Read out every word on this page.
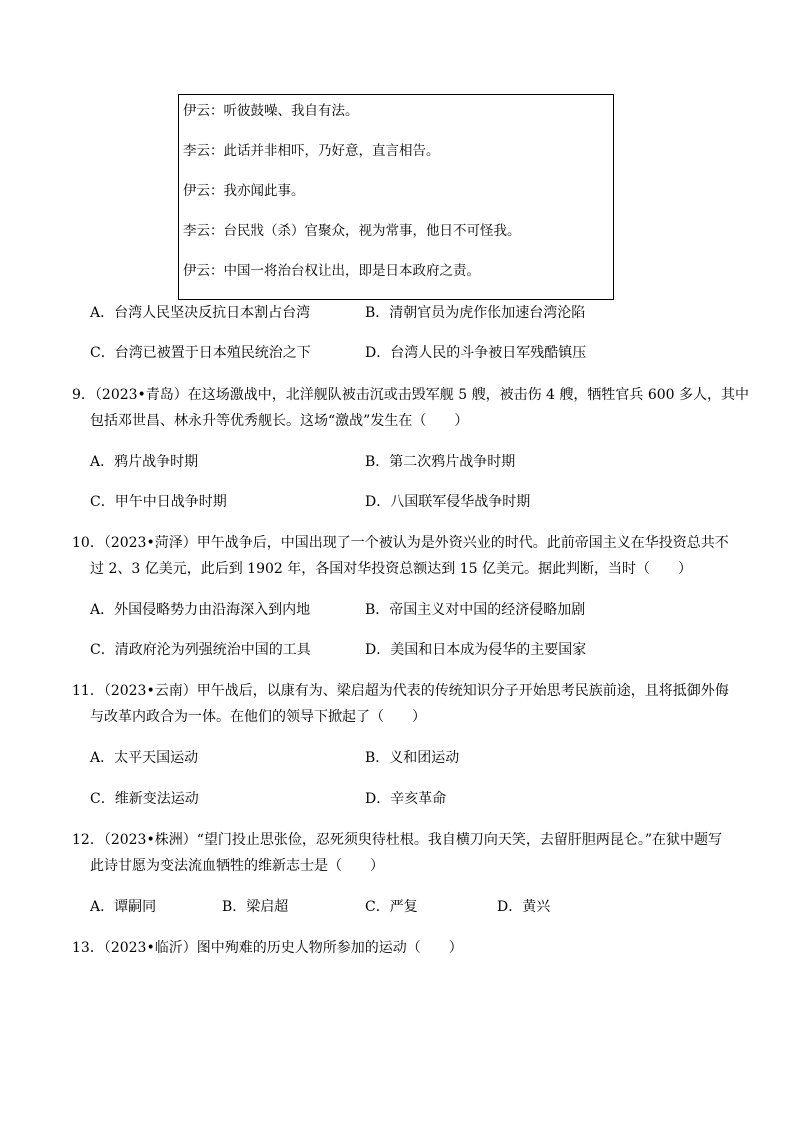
伊云：听彼鼓噪、我自有法。
李云：此话并非相吓，乃好意，直言相告。
伊云：我亦闻此事。
李云：台民戕（杀）官聚众，视为常事，他日不可怪我。
伊云：中国一将治台权让出，即是日本政府之责。
A．台湾人民坚决反抗日本割占台湾	B．清朝官员为虎作伥加速台湾沦陷
C．台湾已被置于日本殖民统治之下	D．台湾人民的斗争被日军残酷镇压
9．（2023•青岛）在这场激战中，北洋舰队被击沉或击毁军舰 5 艘，被击伤 4 艘，牺牲官兵 600 多人，其中
包括邓世昌、林永升等优秀舰长。这场“激战”发生在（　　）
A．鸦片战争时期	B．第二次鸦片战争时期
C．甲午中日战争时期	D．八国联军侵华战争时期
10．（2023•菏泽）甲午战争后，中国出现了一个被认为是外资兴业的时代。此前帝国主义在华投资总共不
过 2、3 亿美元，此后到 1902 年，各国对华投资总额达到 15 亿美元。据此判断，当时（　　）
A．外国侵略势力由沿海深入到内地	B．帝国主义对中国的经济侵略加剧
C．清政府沦为列强统治中国的工具	D．美国和日本成为侵华的主要国家
11．（2023•云南）甲午战后，以康有为、梁启超为代表的传统知识分子开始思考民族前途，且将抵御外侮
与改革内政合为一体。在他们的领导下掀起了（　　）
A．太平天国运动	B．义和团运动
C．维新变法运动	D．辛亥革命
12．（2023•株洲）“望门投止思张俭，忍死须臾待杜根。我自横刀向天笑，去留肝胆两昆仑。”在狱中题写
此诗甘愿为变法流血牺牲的维新志士是（　　）
A．谭嗣同	B．梁启超	C．严复	D．黄兴
13．（2023•临沂）图中殉难的历史人物所参加的运动（　　）
